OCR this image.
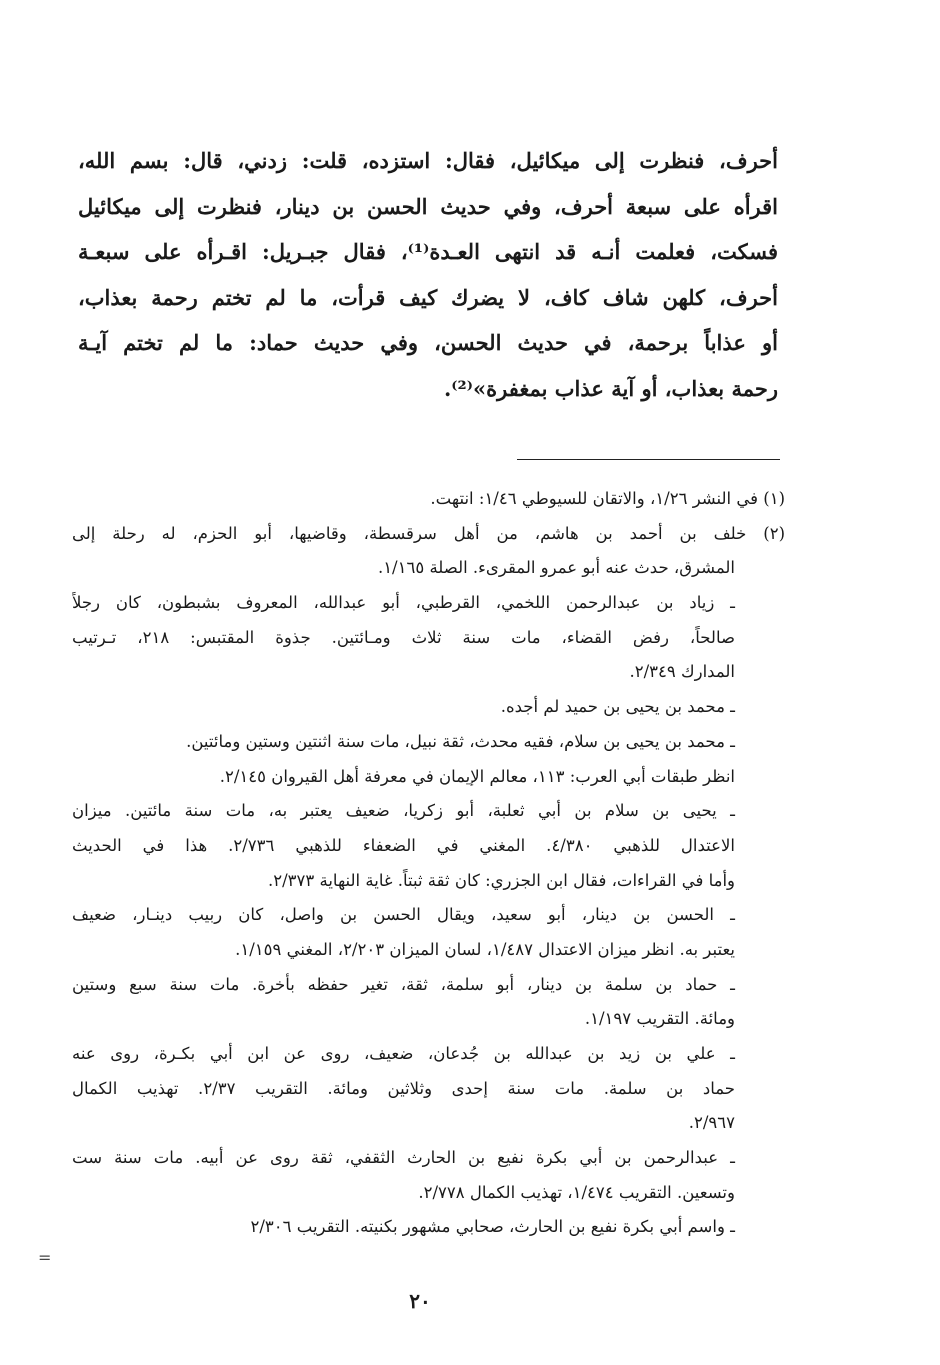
أحرف، فنظرت إلى ميكائيل، فقال: استزده، قلت: زدني، قال: بسم الله،
اقرأه على سبعة أحرف، وفي حديث الحسن بن دينار، فنظرت إلى ميكائيل
فسكت، فعلمت أنـه قد انتهى العـدة⁽¹⁾، فقال جبـريل: اقـرأه على سبعـة
أحرف، كلهن شاف كاف، لا يضرك كيف قرأت، ما لم تختم رحمة بعذاب،
أو عذاباً برحمة، في حديث الحسن، وفي حديث حماد: ما لم تختم آيـة
رحمة بعذاب، أو آية عذاب بمغفرة»⁽²⁾.
(١) في النشر ١/٢٦، والاتقان للسيوطي ١/٤٦: انتهت.
(٢) خلف بن أحمد بن هاشم، من أهل سرقسطة، وقاضيها، أبو الحزم، له رحلة إلى
المشرق، حدث عنه أبو عمرو المقرىء. الصلة ١/١٦٥.
ـ زياد بن عبدالرحمن اللخمي، القرطبي، أبو عبدالله، المعروف بشبطون، كان رجلاً
صالحاً، رفض القضاء، مات سنة ثلاث ومـائتين. جذوة المقتبس: ٢١٨، تـرتيب
المدارك ٢/٣٤٩.
ـ محمد بن يحيى بن حميد لم أجده.
ـ محمد بن يحيى بن سلام، فقيه محدث، ثقة نبيل، مات سنة اثنتين وستين ومائتين.
انظر طبقات أبي العرب: ١١٣، معالم الإيمان في معرفة أهل القيروان ٢/١٤٥.
ـ يحيى بن سلام بن أبي ثعلبة، أبو زكريا، ضعيف يعتبر به، مات سنة مائتين. ميزان
الاعتدال للذهبي ٤/٣٨٠. المغني في الضعفاء للذهبي ٢/٧٣٦. هذا في الحديث
وأما في القراءات، فقال ابن الجزري: كان ثقة ثبتاً. غاية النهاية ٢/٣٧٣.
ـ الحسن بن دينار، أبو سعيد، ويقال الحسن بن واصل، كان ربيب دينـار، ضعيف
يعتبر به. انظر ميزان الاعتدال ١/٤٨٧، لسان الميزان ٢/٢٠٣، المغني ١/١٥٩.
ـ حماد بن سلمة بن دينار، أبو سلمة، ثقة، تغير حفظه بأخرة. مات سنة سبع وستين
ومائة. التقريب ١/١٩٧.
ـ علي بن زيد بن عبدالله بن جُدعان، ضعيف، روى عن ابن أبي بكـرة، روى عنه
حماد بن سلمة. مات سنة إحدى وثلاثين ومائة. التقريب ٢/٣٧. تهذيب الكمال
٢/٩٦٧.
ـ عبدالرحمن بن أبي بكرة نفيع بن الحارث الثقفي، ثقة روى عن أبيه. مات سنة ست
وتسعين. التقريب ١/٤٧٤، تهذيب الكمال ٢/٧٧٨.
ـ واسم أبي بكرة نفيع بن الحارث، صحابي مشهور بكنيته. التقريب ٢/٣٠٦
=
٢٠
